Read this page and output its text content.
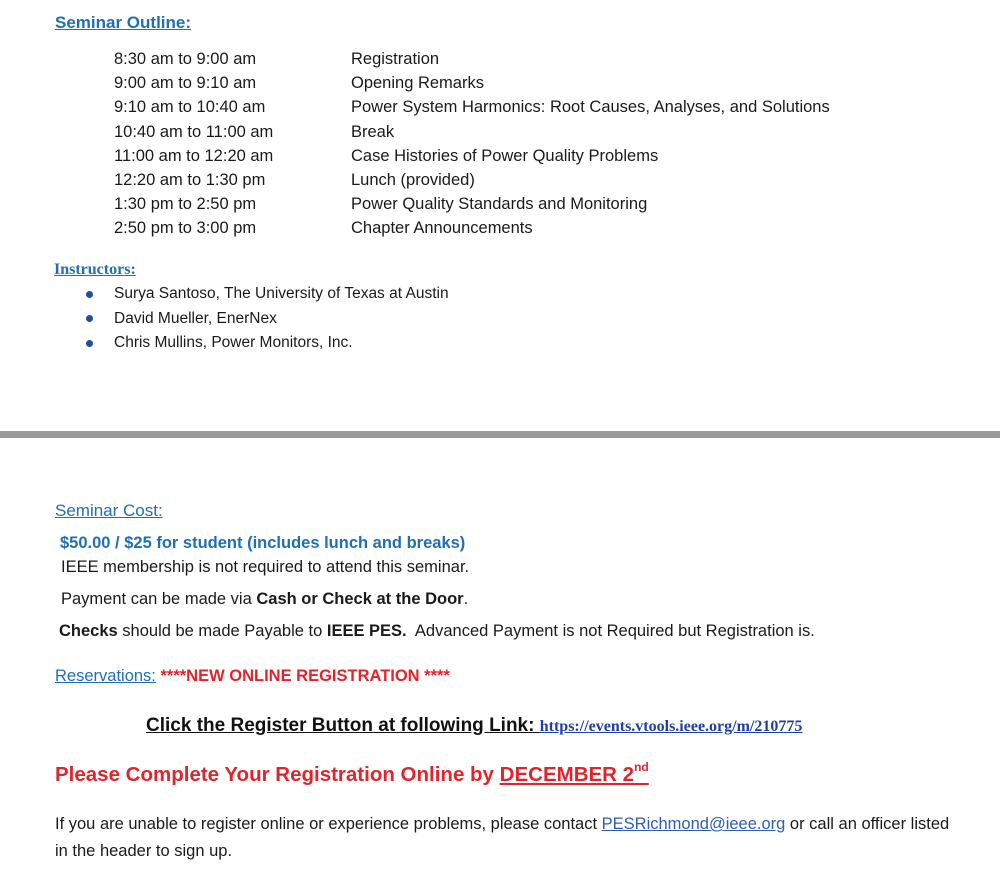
Seminar Outline:
8:30 am to 9:00 am	Registration
9:00 am to 9:10 am	Opening Remarks
9:10 am to 10:40 am	Power System Harmonics: Root Causes, Analyses, and Solutions
10:40 am to 11:00 am	Break
11:00 am to 12:20 am	Case Histories of Power Quality Problems
12:20 am to 1:30 pm	Lunch (provided)
1:30 pm to 2:50 pm	Power Quality Standards and Monitoring
2:50 pm to 3:00 pm	Chapter Announcements
Instructors:
Surya Santoso, The University of Texas at Austin
David Mueller, EnerNex
Chris Mullins, Power Monitors, Inc.
Seminar Cost:
$50.00 / $25 for student (includes lunch and breaks)
IEEE membership is not required to attend this seminar.
Payment can be made via Cash or Check at the Door.
Checks should be made Payable to IEEE PES.  Advanced Payment is not Required but Registration is.
Reservations: ****NEW ONLINE REGISTRATION ****
Click the Register Button at following Link: https://events.vtools.ieee.org/m/210775
Please Complete Your Registration Online by DECEMBER 2nd
If you are unable to register online or experience problems, please contact PESRichmond@ieee.org or call an officer listed in the header to sign up.
